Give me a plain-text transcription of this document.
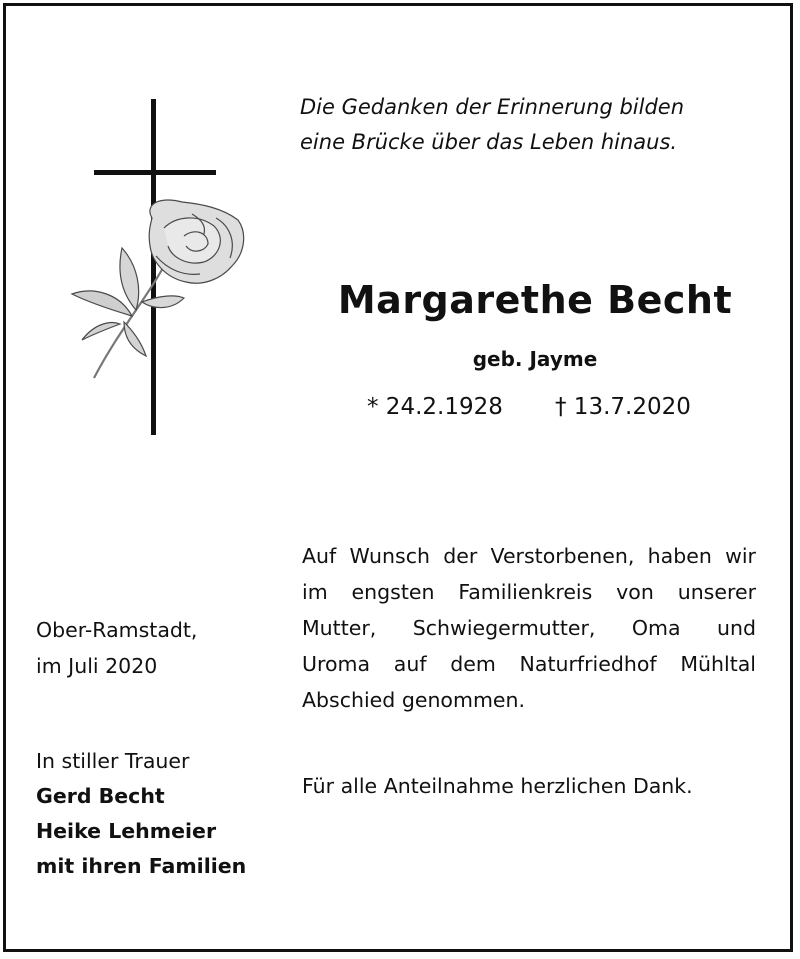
Die Gedanken der Erinnerung bilden
eine Brücke über das Leben hinaus.
Margarethe Becht
geb. Jayme
* 24.2.1928 † 13.7.2020
Auf Wunsch der Verstorbenen, haben wir
im engsten Familienkreis von unserer
Mutter, Schwiegermutter, Oma und
Uroma auf dem Naturfriedhof Mühltal
Abschied genommen.
Ober-Ramstadt,
im Juli 2020
In stiller Trauer
Gerd Becht
Heike Lehmeier
mit ihren Familien
Für alle Anteilnahme herzlichen Dank.
